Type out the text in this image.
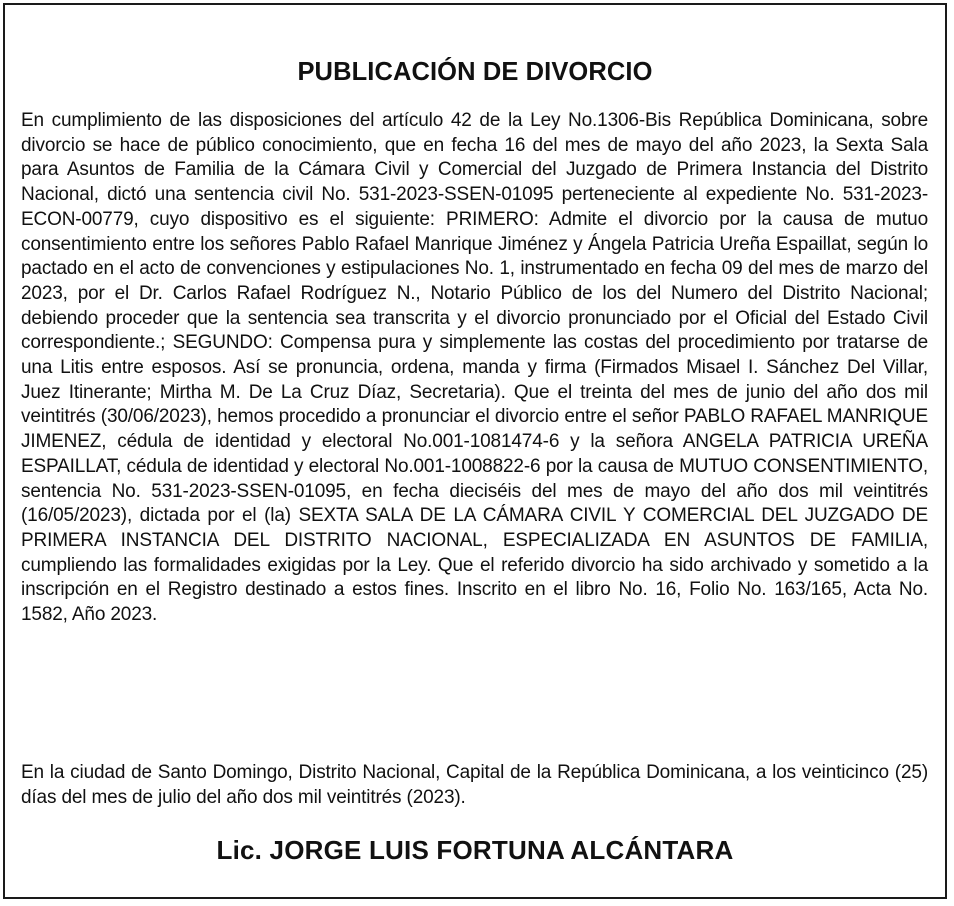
PUBLICACIÓN DE DIVORCIO

En cumplimiento de las disposiciones del artículo 42 de la Ley No.1306-Bis República Dominicana, sobre divorcio se hace de público conocimiento, que en fecha 16 del mes de mayo del año 2023, la Sexta Sala para Asuntos de Familia de la Cámara Civil y Comercial del Juzgado de Primera Instancia del Distrito Nacional, dictó una sentencia civil No. 531-2023-SSEN-01095 perteneciente al expediente No. 531-2023-ECON-00779, cuyo dispositivo es el siguiente: PRIMERO: Admite el divorcio por la causa de mutuo consentimiento entre los señores Pablo Rafael Manrique Jiménez y Ángela Patricia Ureña Espaillat, según lo pactado en el acto de convenciones y estipulaciones No. 1, instrumentado en fecha 09 del mes de marzo del 2023, por el Dr. Carlos Rafael Rodríguez N., Notario Público de los del Numero del Distrito Nacional; debiendo proceder que la sentencia sea transcrita y el divorcio pronunciado por el Oficial del Estado Civil correspondiente.; SEGUNDO: Compensa pura y simplemente las costas del procedimiento por tratarse de una Litis entre esposos. Así se pronuncia, ordena, manda y firma (Firmados Misael I. Sánchez Del Villar, Juez Itinerante; Mirtha M. De La Cruz Díaz, Secretaria). Que el treinta del mes de junio del año dos mil veintitrés (30/06/2023), hemos procedido a pronunciar el divorcio entre el señor PABLO RAFAEL MANRIQUE JIMENEZ, cédula de identidad y electoral No.001-1081474-6 y la señora ANGELA PATRICIA UREÑA ESPAILLAT, cédula de identidad y electoral No.001-1008822-6 por la causa de MUTUO CONSENTIMIENTO, sentencia No. 531-2023-SSEN-01095, en fecha dieciséis del mes de mayo del año dos mil veintitrés (16/05/2023), dictada por el (la) SEXTA SALA DE LA CÁMARA CIVIL Y COMERCIAL DEL JUZGADO DE PRIMERA INSTANCIA DEL DISTRITO NACIONAL, ESPECIALIZADA EN ASUNTOS DE FAMILIA, cumpliendo las formalidades exigidas por la Ley. Que el referido divorcio ha sido archivado y sometido a la inscripción en el Registro destinado a estos fines. Inscrito en el libro No. 16, Folio No. 163/165, Acta No. 1582, Año 2023.

En la ciudad de Santo Domingo, Distrito Nacional, Capital de la República Dominicana, a los veinticinco (25) días del mes de julio del año dos mil veintitrés (2023).

Lic. JORGE LUIS FORTUNA ALCÁNTARA
